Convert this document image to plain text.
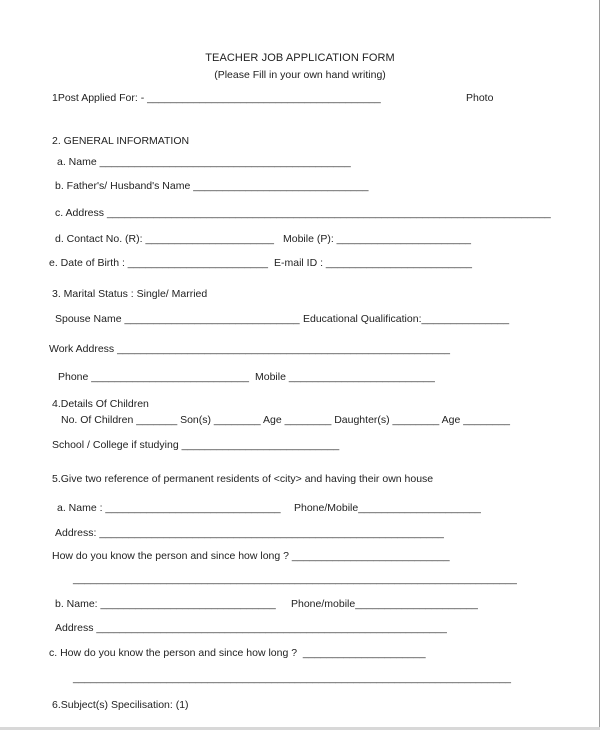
TEACHER JOB APPLICATION FORM
(Please Fill in your own hand writing)
1Post Applied For: - ________________________________________	Photo
2. GENERAL INFORMATION
a. Name ___________________________________________
b. Father's/ Husband's Name ______________________________
c. Address ____________________________________________________________________________
d. Contact No. (R): ______________________ Mobile (P): _______________________
e. Date of Birth : ________________________ E-mail ID : _________________________
3. Marital Status : Single/ Married
Spouse Name ______________________________ Educational Qualification:_______________
Work Address _________________________________________________________
Phone ___________________________ Mobile _________________________
4.Details Of Children
No. Of Children _______ Son(s) ________ Age ________ Daughter(s) ________ Age ________
School / College if studying ___________________________
5.Give two reference of permanent residents of <city> and having their own house
a. Name : ______________________________ Phone/Mobile_____________________
Address: ___________________________________________________________
How do you know the person and since how long ? ___________________________
____________________________________________________________________________
b. Name: ______________________________ Phone/mobile_____________________
Address ____________________________________________________________
c. How do you know the person and since how long ?  _____________________
___________________________________________________________________________
6.Subject(s) Specilisation: (1)
